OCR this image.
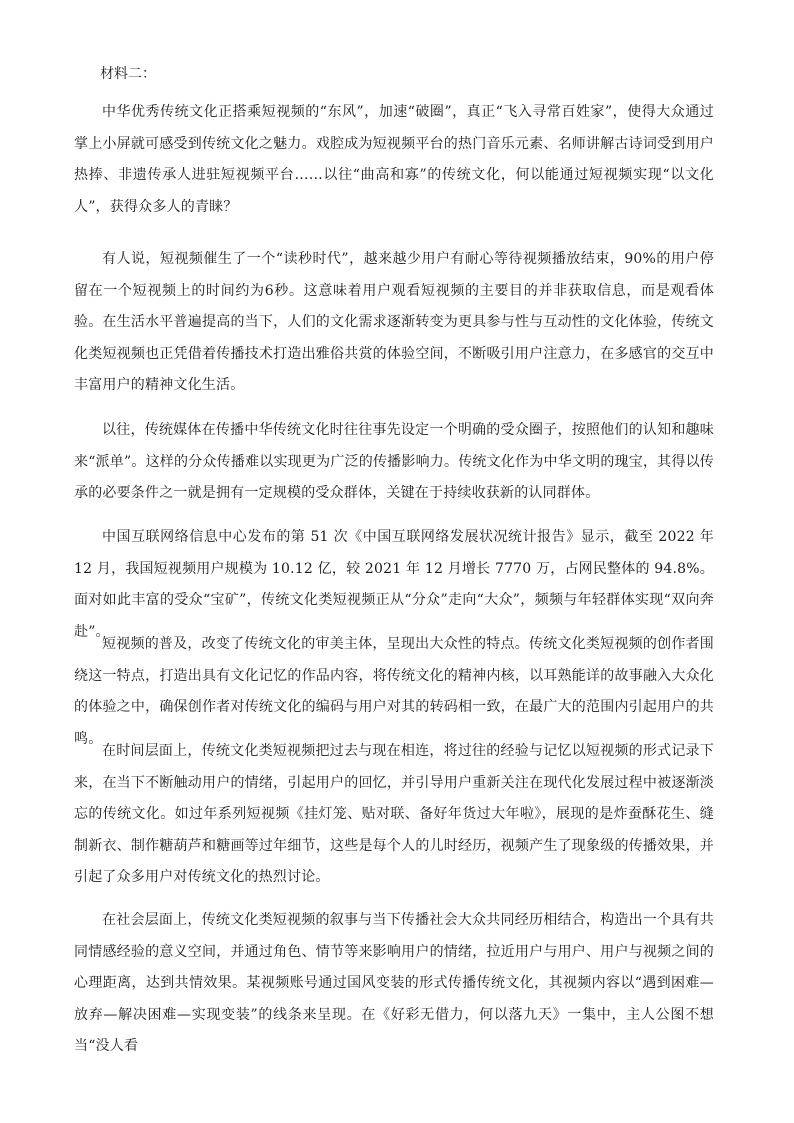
材料二：

中华优秀传统文化正搭乘短视频的“东风”，加速“破圈”，真正“飞入寻常百姓家”，使得大众通过掌上小屏就可感受到传统文化之魅力。戏腔成为短视频平台的热门音乐元素、名师讲解古诗词受到用户热捧、非遗传承人进驻短视频平台……以往“曲高和寡”的传统文化，何以能通过短视频实现“以文化人”，获得众多人的青睐？

有人说，短视频催生了一个“读秒时代”，越来越少用户有耐心等待视频播放结束，90%的用户停留在一个短视频上的时间约为6秒。这意味着用户观看短视频的主要目的并非获取信息，而是观看体验。在生活水平普遍提高的当下，人们的文化需求逐渐转变为更具参与性与互动性的文化体验，传统文化类短视频也正凭借着传播技术打造出雅俗共赏的体验空间，不断吸引用户注意力，在多感官的交互中丰富用户的精神文化生活。

以往，传统媒体在传播中华传统文化时往往事先设定一个明确的受众圈子，按照他们的认知和趣味来“派单”。这样的分众传播难以实现更为广泛的传播影响力。传统文化作为中华文明的瑰宝，其得以传承的必要条件之一就是拥有一定规模的受众群体，关键在于持续收获新的认同群体。

中国互联网络信息中心发布的第 51 次《中国互联网络发展状况统计报告》显示，截至 2022 年 12 月，我国短视频用户规模为 10.12 亿，较 2021 年 12 月增长 7770 万，占网民整体的 94.8%。面对如此丰富的受众“宝矿”，传统文化类短视频正从“分众”走向“大众”，频频与年轻群体实现“双向奔赴”。

短视频的普及，改变了传统文化的审美主体，呈现出大众性的特点。传统文化类短视频的创作者围绕这一特点，打造出具有文化记忆的作品内容，将传统文化的精神内核，以耳熟能详的故事融入大众化的体验之中，确保创作者对传统文化的编码与用户对其的转码相一致，在最广大的范围内引起用户的共鸣。

在时间层面上，传统文化类短视频把过去与现在相连，将过往的经验与记忆以短视频的形式记录下来，在当下不断触动用户的情绪，引起用户的回忆，并引导用户重新关注在现代化发展过程中被逐渐淡忘的传统文化。如过年系列短视频《挂灯笼、贴对联、备好年货过大年啦》，展现的是炸蚕酥花生、缝制新衣、制作糖葫芦和糖画等过年细节，这些是每个人的儿时经历，视频产生了现象级的传播效果，并引起了众多用户对传统文化的热烈讨论。

在社会层面上，传统文化类短视频的叙事与当下传播社会大众共同经历相结合，构造出一个具有共同情感经验的意义空间，并通过角色、情节等来影响用户的情绪，拉近用户与用户、用户与视频之间的心理距离，达到共情效果。某视频账号通过国风变装的形式传播传统文化，其视频内容以“遇到困难—放弃—解决困难—实现变装”的线条来呈现。在《好彩无借力，何以落九天》一集中，主人公图不想当“没人看
